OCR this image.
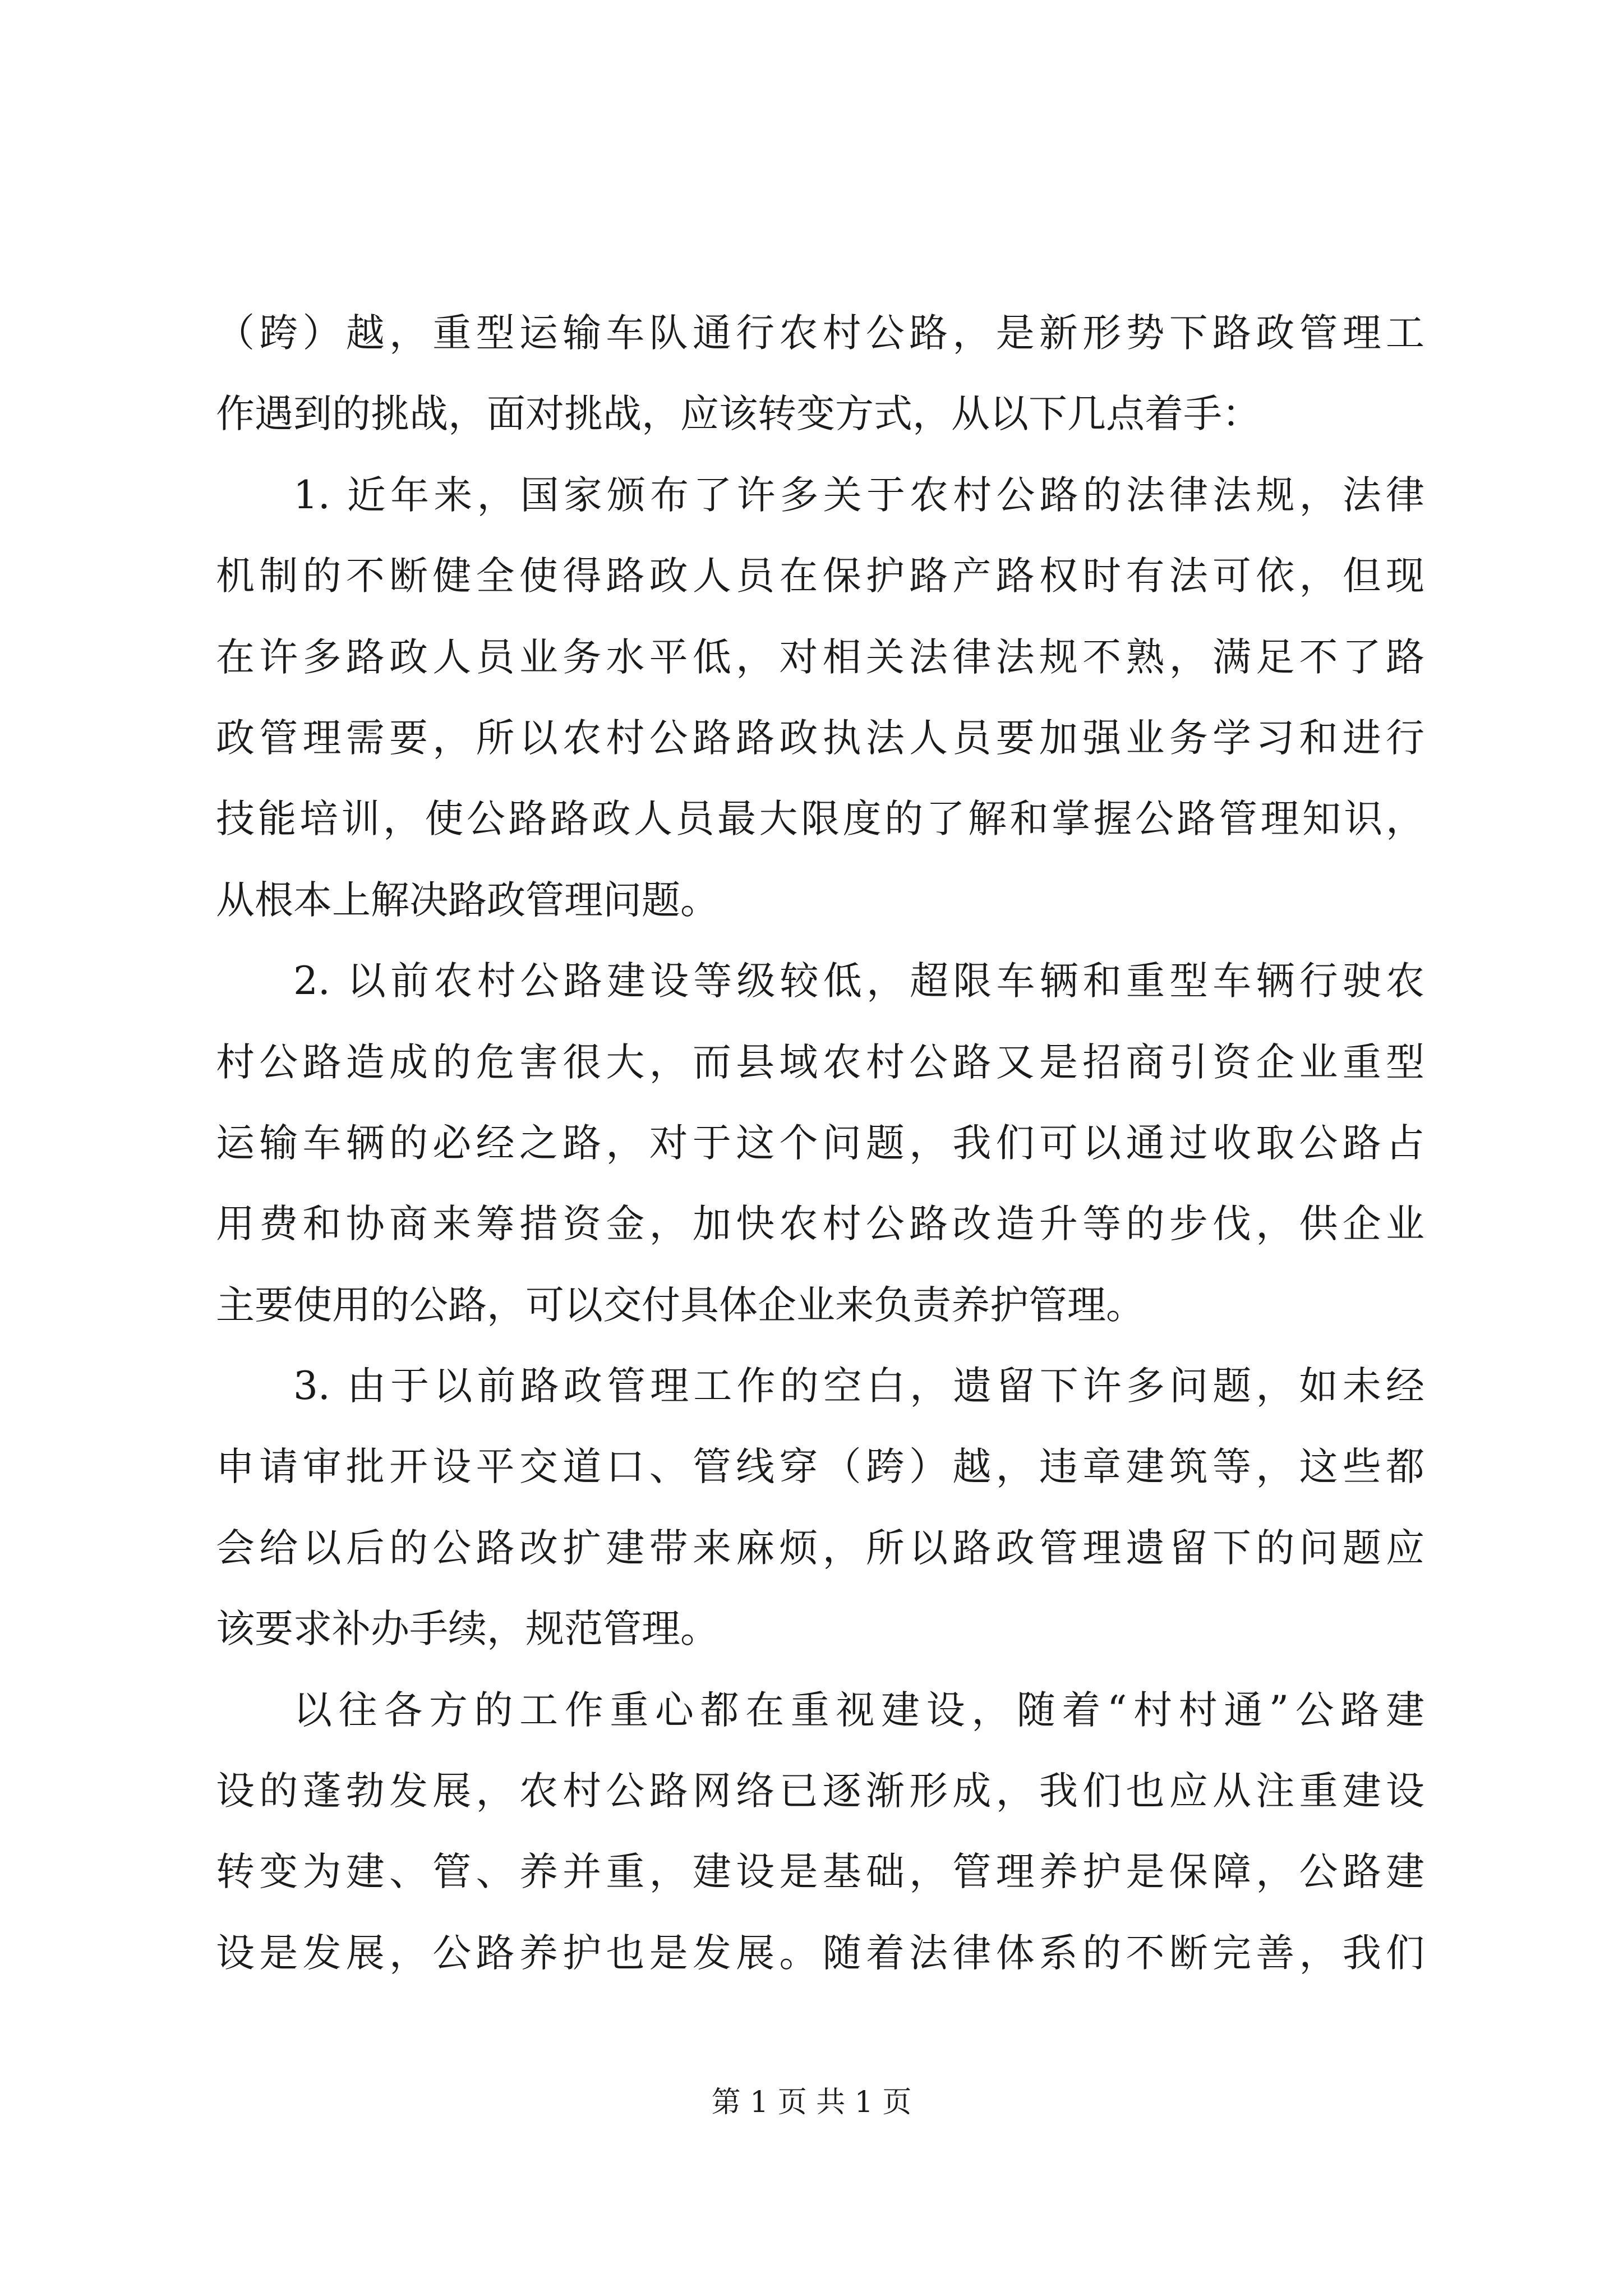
（跨）越，重型运输车队通行农村公路，是新形势下路政管理工
作遇到的挑战，面对挑战，应该转变方式，从以下几点着手：
1. 近年来，国家颁布了许多关于农村公路的法律法规，法律
机制的不断健全使得路政人员在保护路产路权时有法可依，但现
在许多路政人员业务水平低，对相关法律法规不熟，满足不了路
政管理需要，所以农村公路路政执法人员要加强业务学习和进行
技能培训，使公路路政人员最大限度的了解和掌握公路管理知识，
从根本上解决路政管理问题。
2. 以前农村公路建设等级较低，超限车辆和重型车辆行驶农
村公路造成的危害很大，而县域农村公路又是招商引资企业重型
运输车辆的必经之路，对于这个问题，我们可以通过收取公路占
用费和协商来筹措资金，加快农村公路改造升等的步伐，供企业
主要使用的公路，可以交付具体企业来负责养护管理。
3. 由于以前路政管理工作的空白，遗留下许多问题，如未经
申请审批开设平交道口、管线穿（跨）越，违章建筑等，这些都
会给以后的公路改扩建带来麻烦，所以路政管理遗留下的问题应
该要求补办手续，规范管理。
以往各方的工作重心都在重视建设，随着“村村通”公路建
设的蓬勃发展，农村公路网络已逐渐形成，我们也应从注重建设
转变为建、管、养并重，建设是基础，管理养护是保障，公路建
设是发展，公路养护也是发展。随着法律体系的不断完善，我们
第 1 页 共 1 页
